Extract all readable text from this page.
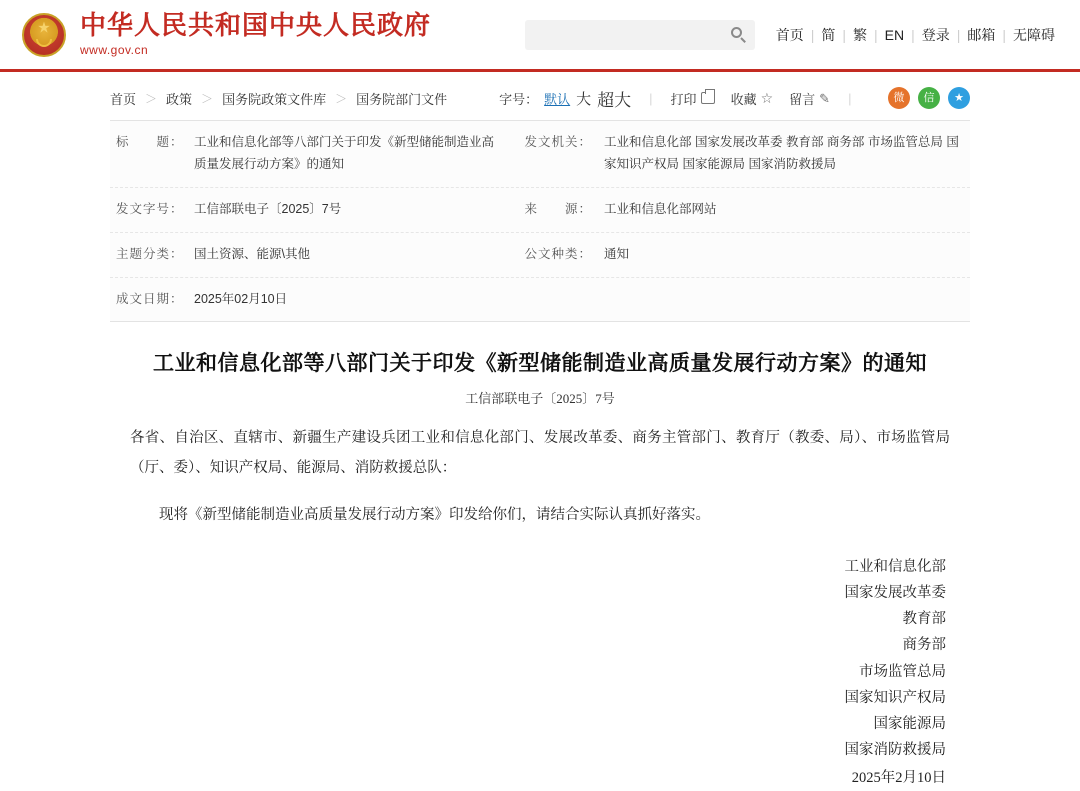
★ 中华人民共和国中央人民政府
www.gov.cn
首页 | 简 | 繁 | EN | 登录 | 邮箱 | 无障碍
首页 ＞ 政策 ＞ 国务院政策文件库 ＞ 国务院部门文件	字号： 默认 大 超大 | 打印	收藏 ☆ 留言 ✎ |	微	信	★
标　　题： 工业和信息化部等八部门关于印发《新型储能制造业高质量发展行动方案》的通知
发文机关： 工业和信息化部 国家发展改革委 教育部 商务部 市场监管总局 国家知识产权局 国家能源局 国家消防救援局
发文字号： 工信部联电子〔2025〕7号	来　　源： 工业和信息化部网站
主题分类： 国土资源、能源\其他	公文种类： 通知
成文日期： 2025年02月10日
工业和信息化部等八部门关于印发《新型储能制造业高质量发展行动方案》的通知
工信部联电子〔2025〕7号
各省、自治区、直辖市、新疆生产建设兵团工业和信息化部门、发展改革委、商务主管部门、教育厅（教委、局）、市场监管局（厅、委）、知识产权局、能源局、消防救援总队：
现将《新型储能制造业高质量发展行动方案》印发给你们，请结合实际认真抓好落实。
工业和信息化部
国家发展改革委
教育部
商务部
市场监管总局
国家知识产权局
国家能源局
国家消防救援局
2025年2月10日
